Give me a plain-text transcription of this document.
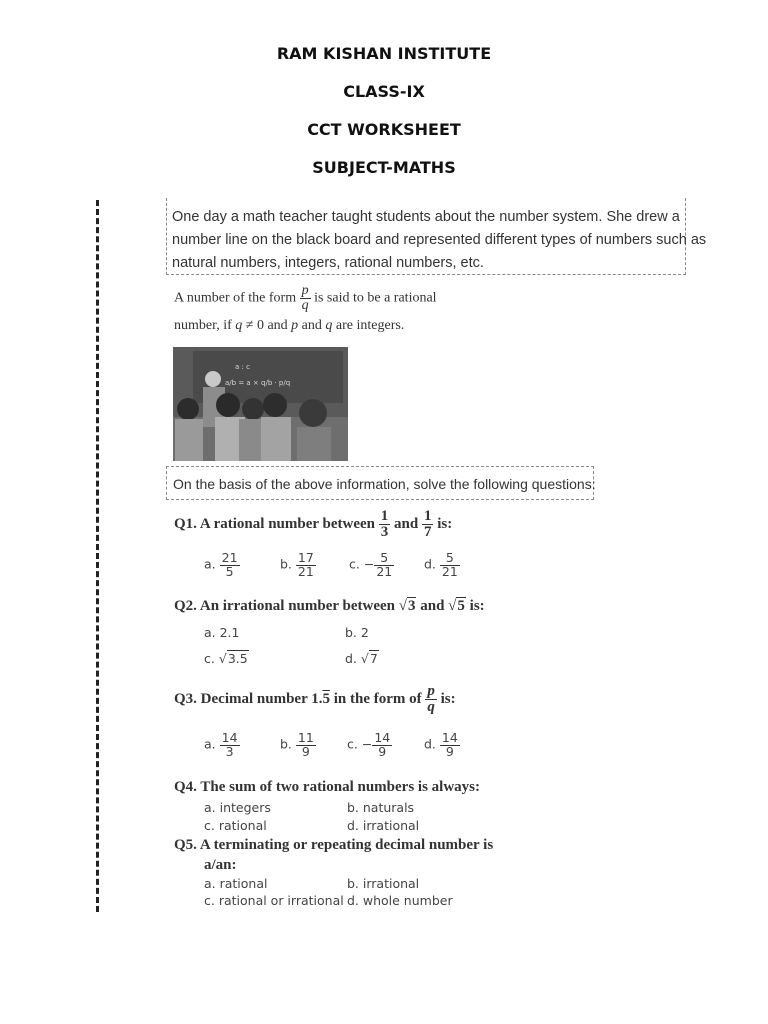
RAM KISHAN INSTITUTE
CLASS-IX
CCT WORKSHEET
SUBJECT-MATHS
One day a math teacher taught students about the number system. She drew a
number line on the black board and represented different types of numbers such as
natural numbers, integers, rational numbers, etc.
A number of the form $\frac{p}{q}$ is said to be a rational
number, if q ≠ 0 and p and q are integers.
a : c
a/b = a × q/b · p/q
On the basis of the above information, solve the following questions:
Q1. A rational number between $\frac{1}{3}$ and $\frac{1}{7}$ is:
a. $\frac{21}{5}$	b. $\frac{17}{21}$	c. − $\frac{5}{21} d$. $\frac{5}{21}$
Q2. An irrational number between √3 and √5 is:
a. 2.1	b. 2
c. √3.5	d. √7
Q3. Decimal number 1.5 in the form of $\frac{p}{q}$ is:
a. $\frac{14}{3}$	b. $\frac{11}{9} c$. − $\frac{14}{9}$	d. $\frac{14}{9}$
Q4. The sum of two rational numbers is always:
a. integers	b. naturals
c. rational	d. irrational
Q5. A terminating or repeating decimal number is
a/an:
a. rational	b. irrational
c. rational or irrational d. whole number
